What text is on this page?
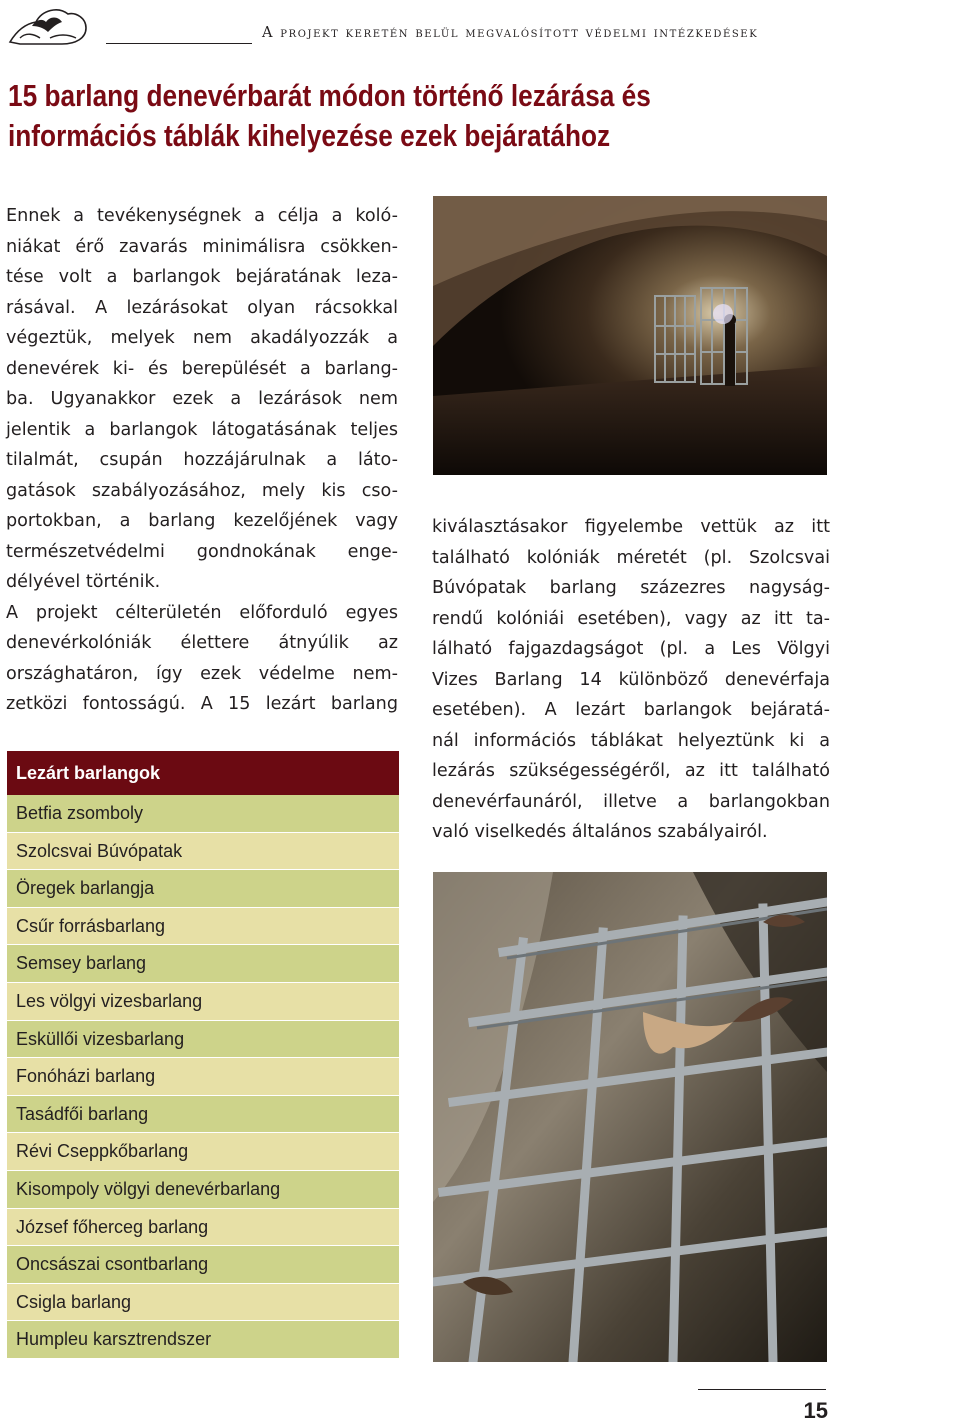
A projekt keretén belül megvalósított védelmi intézkedések
15 barlang denevérbarát módon történő lezárása és
információs táblák kihelyezése ezek bejáratához
Ennek a tevékenységnek a célja a koló-
niákat érő zavarás minimálisra csökken-
tése volt a barlangok bejáratának leza-
rásával. A lezárásokat olyan rácsokkal
végeztük, melyek nem akadályozzák a
denevérek ki- és berepülését a barlang-
ba. Ugyanakkor ezek a lezárások nem
jelentik a barlangok látogatásának teljes
tilalmát, csupán hozzájárulnak a láto-
gatások szabályozásához, mely kis cso-
portokban, a barlang kezelőjének vagy
természetvédelmi gondnokának enge-
délyével történik.
A projekt célterületén előforduló egyes
denevérkolóniák élettere átnyúlik az
országhatáron, így ezek védelme nem-
zetközi fontosságú. A 15 lezárt barlang
kiválasztásakor figyelembe vettük az itt
található kolóniák méretét (pl. Szolcsvai
Búvópatak barlang százezres nagyság-
rendű kolóniái esetében), vagy az itt ta-
lálható fajgazdagságot (pl. a Les Völgyi
Vizes Barlang 14 különböző denevérfaja
esetében). A lezárt barlangok bejáratá-
nál információs táblákat helyeztünk ki a
lezárás szükségességéről, az itt található
denevérfaunáról, illetve a barlangokban
való viselkedés általános szabályairól.
Lezárt barlangok
Betfia zsomboly
Szolcsvai Búvópatak
Öregek barlangja
Csűr forrásbarlang
Semsey barlang
Les völgyi vizesbarlang
Esküllői vizesbarlang
Fonóházi barlang
Tasádfői barlang
Révi Cseppkőbarlang
Kisompoly völgyi denevérbarlang
József főherceg barlang
Oncsászai csontbarlang
Csigla barlang
Humpleu karsztrendszer
15
